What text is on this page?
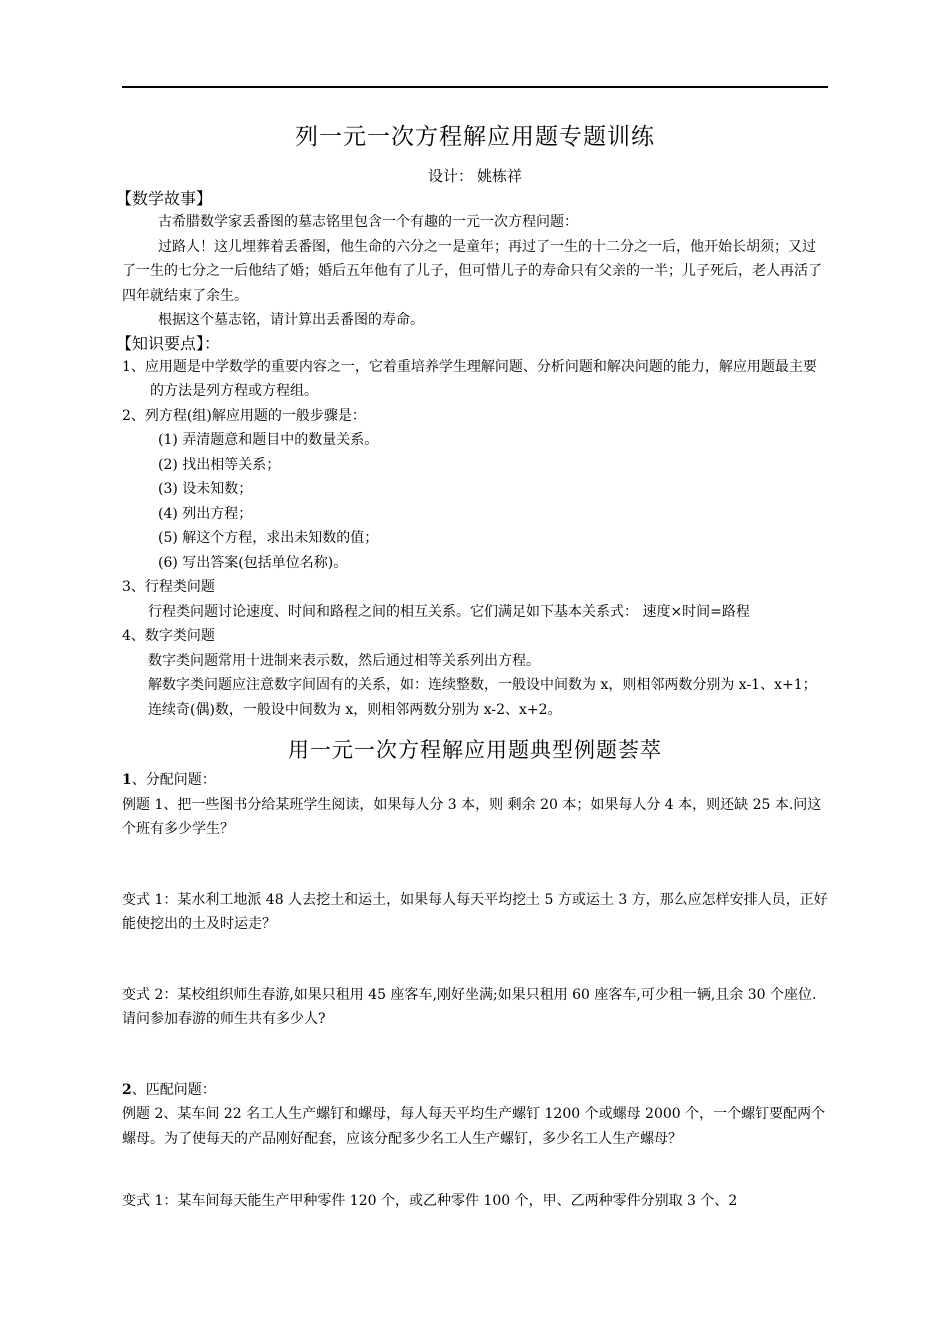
列一元一次方程解应用题专题训练
设计： 姚栋祥
【数学故事】
古希腊数学家丢番图的墓志铭里包含一个有趣的一元一次方程问题：
过路人！这儿埋葬着丢番图，他生命的六分之一是童年；再过了一生的十二分之一后，他开始长胡须；又过了一生的七分之一后他结了婚；婚后五年他有了儿子，但可惜儿子的寿命只有父亲的一半；儿子死后，老人再活了四年就结束了余生。
根据这个墓志铭，请计算出丢番图的寿命。
【知识要点】：
1、应用题是中学数学的重要内容之一，它着重培养学生理解问题、分析问题和解决问题的能力，解应用题最主要的方法是列方程或方程组。
2、列方程(组)解应用题的一般步骤是：
(1) 弄清题意和题目中的数量关系。
(2) 找出相等关系；
(3) 设未知数；
(4) 列出方程；
(5) 解这个方程，求出未知数的值；
(6) 写出答案(包括单位名称)。
3、行程类问题
行程类问题讨论速度、时间和路程之间的相互关系。它们满足如下基本关系式： 速度×时间=路程
4、数字类问题
数字类问题常用十进制来表示数，然后通过相等关系列出方程。
解数字类问题应注意数字间固有的关系，如：连续整数，一般设中间数为 x，则相邻两数分别为 x-1、x+1；连续奇(偶)数，一般设中间数为 x，则相邻两数分别为 x-2、x+2。
用一元一次方程解应用题典型例题荟萃
1、分配问题：
例题 1、把一些图书分给某班学生阅读，如果每人分 3 本，则 剩余 20 本；如果每人分 4 本，则还缺 25 本.问这个班有多少学生？
变式 1：某水利工地派 48 人去挖土和运土，如果每人每天平均挖土 5 方或运土 3 方，那么应怎样安排人员，正好能使挖出的土及时运走？
变式 2：某校组织师生春游,如果只租用 45 座客车,刚好坐满;如果只租用 60 座客车,可少租一辆,且余 30 个座位.请问参加春游的师生共有多少人?
2、匹配问题：
例题 2、某车间 22 名工人生产螺钉和螺母，每人每天平均生产螺钉 1200 个或螺母 2000 个，一个螺钉要配两个螺母。为了使每天的产品刚好配套，应该分配多少名工人生产螺钉，多少名工人生产螺母？
变式 1：某车间每天能生产甲种零件 120 个，或乙种零件 100 个，甲、乙两种零件分别取 3 个、2
